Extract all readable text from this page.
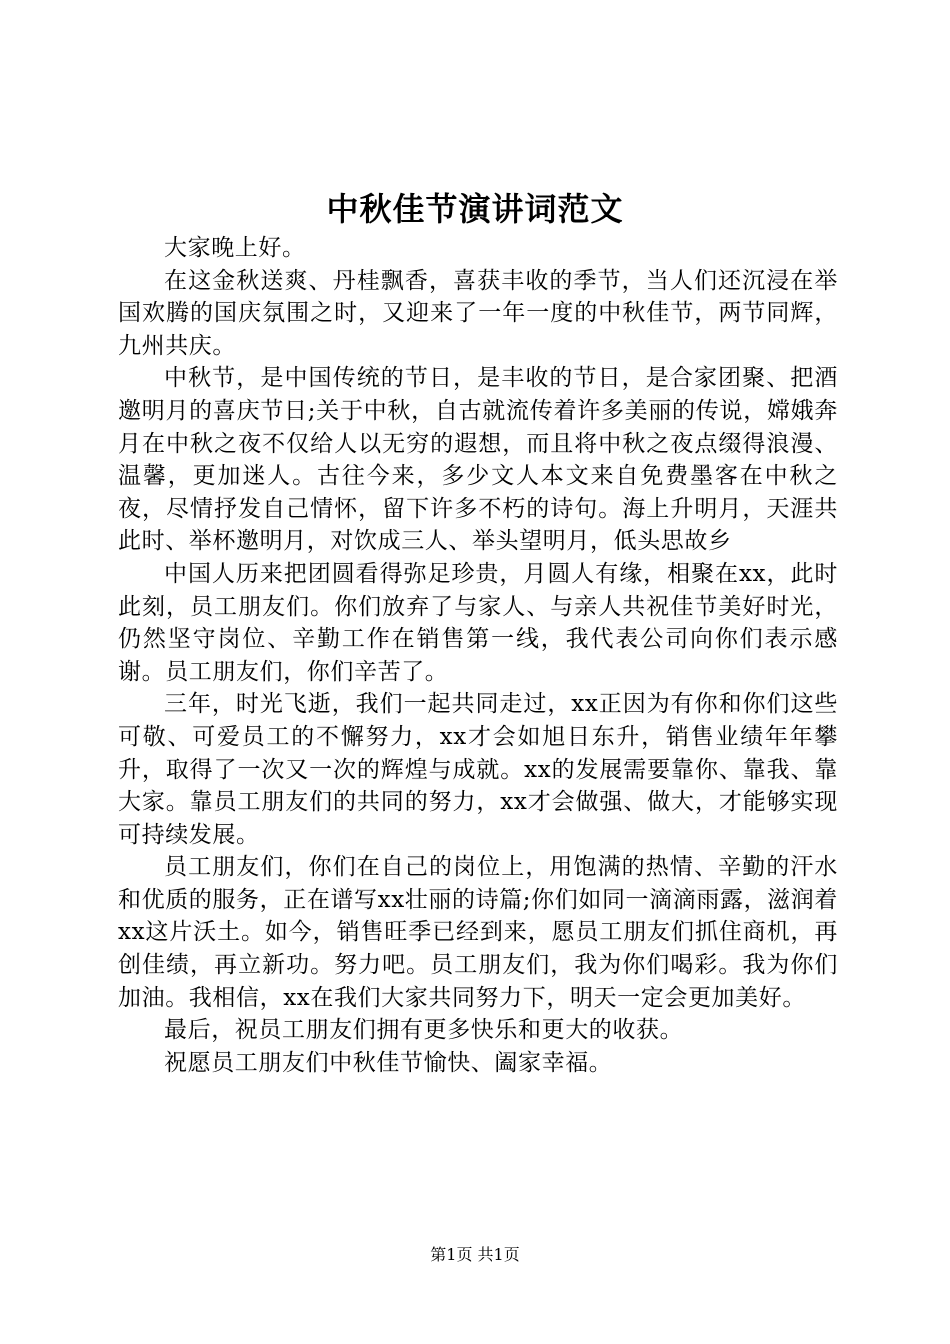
中秋佳节演讲词范文

大家晚上好。

在这金秋送爽、丹桂飘香，喜获丰收的季节，当人们还沉浸在举国欢腾的国庆氛围之时，又迎来了一年一度的中秋佳节，两节同辉，九州共庆。

中秋节，是中国传统的节日，是丰收的节日，是合家团聚、把酒邀明月的喜庆节日;关于中秋，自古就流传着许多美丽的传说，嫦娥奔月在中秋之夜不仅给人以无穷的遐想，而且将中秋之夜点缀得浪漫、温馨，更加迷人。古往今来，多少文人本文来自免费墨客在中秋之夜，尽情抒发自己情怀，留下许多不朽的诗句。海上升明月，天涯共此时、举杯邀明月，对饮成三人、举头望明月，低头思故乡

中国人历来把团圆看得弥足珍贵，月圆人有缘，相聚在xx，此时此刻，员工朋友们。你们放弃了与家人、与亲人共祝佳节美好时光，仍然坚守岗位、辛勤工作在销售第一线，我代表公司向你们表示感谢。员工朋友们，你们辛苦了。

三年，时光飞逝，我们一起共同走过，xx正因为有你和你们这些可敬、可爱员工的不懈努力，xx才会如旭日东升，销售业绩年年攀升，取得了一次又一次的辉煌与成就。xx的发展需要靠你、靠我、靠大家。靠员工朋友们的共同的努力，xx才会做强、做大，才能够实现可持续发展。

员工朋友们，你们在自己的岗位上，用饱满的热情、辛勤的汗水和优质的服务，正在谱写xx壮丽的诗篇;你们如同一滴滴雨露，滋润着xx这片沃土。如今，销售旺季已经到来，愿员工朋友们抓住商机，再创佳绩，再立新功。努力吧。员工朋友们，我为你们喝彩。我为你们加油。我相信，xx在我们大家共同努力下，明天一定会更加美好。

最后，祝员工朋友们拥有更多快乐和更大的收获。

祝愿员工朋友们中秋佳节愉快、阖家幸福。

第1页 共1页
